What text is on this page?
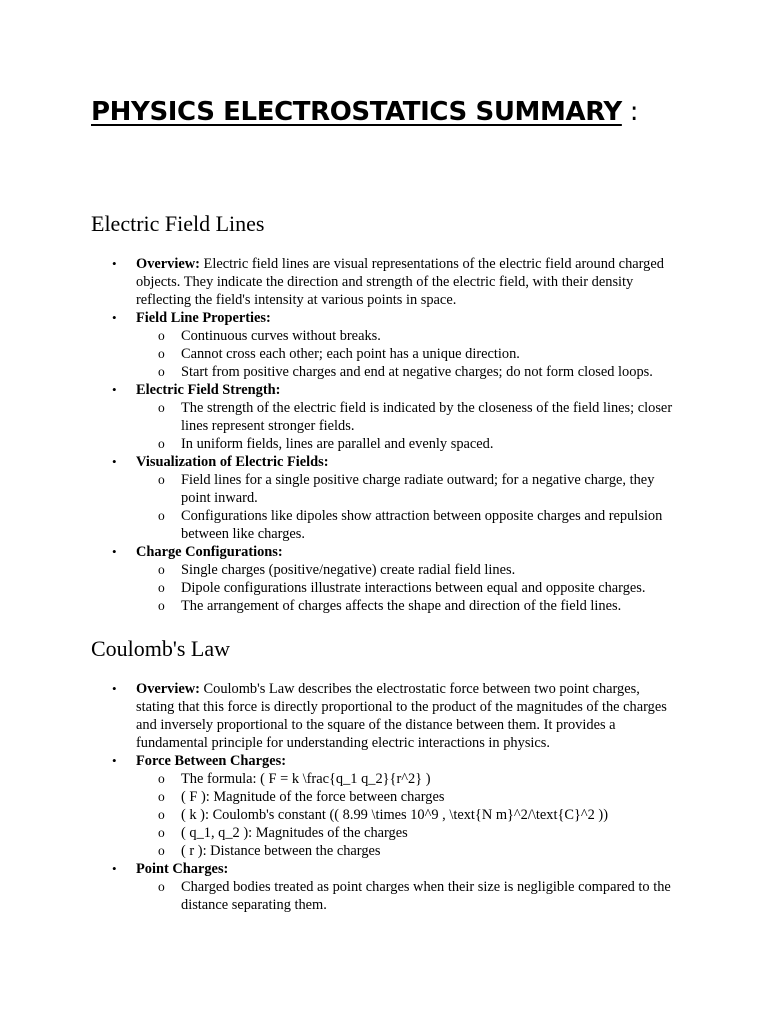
PHYSICS ELECTROSTATICS SUMMARY :
Electric Field Lines
• Overview: Electric field lines are visual representations of the electric field around charged objects. They indicate the direction and strength of the electric field, with their density reflecting the field's intensity at various points in space.
• Field Line Properties:
o Continuous curves without breaks.
o Cannot cross each other; each point has a unique direction.
o Start from positive charges and end at negative charges; do not form closed loops.
• Electric Field Strength:
o The strength of the electric field is indicated by the closeness of the field lines; closer lines represent stronger fields.
o In uniform fields, lines are parallel and evenly spaced.
• Visualization of Electric Fields:
o Field lines for a single positive charge radiate outward; for a negative charge, they point inward.
o Configurations like dipoles show attraction between opposite charges and repulsion between like charges.
• Charge Configurations:
o Single charges (positive/negative) create radial field lines.
o Dipole configurations illustrate interactions between equal and opposite charges.
o The arrangement of charges affects the shape and direction of the field lines.
Coulomb's Law
• Overview: Coulomb's Law describes the electrostatic force between two point charges, stating that this force is directly proportional to the product of the magnitudes of the charges and inversely proportional to the square of the distance between them. It provides a fundamental principle for understanding electric interactions in physics.
• Force Between Charges:
o The formula: ( F = k \frac{q_1 q_2}{r^2} )
o ( F ): Magnitude of the force between charges
o ( k ): Coulomb's constant (( 8.99 \times 10^9 , \text{N m}^2/\text{C}^2 ))
o ( q_1, q_2 ): Magnitudes of the charges
o ( r ): Distance between the charges
• Point Charges:
o Charged bodies treated as point charges when their size is negligible compared to the distance separating them.
